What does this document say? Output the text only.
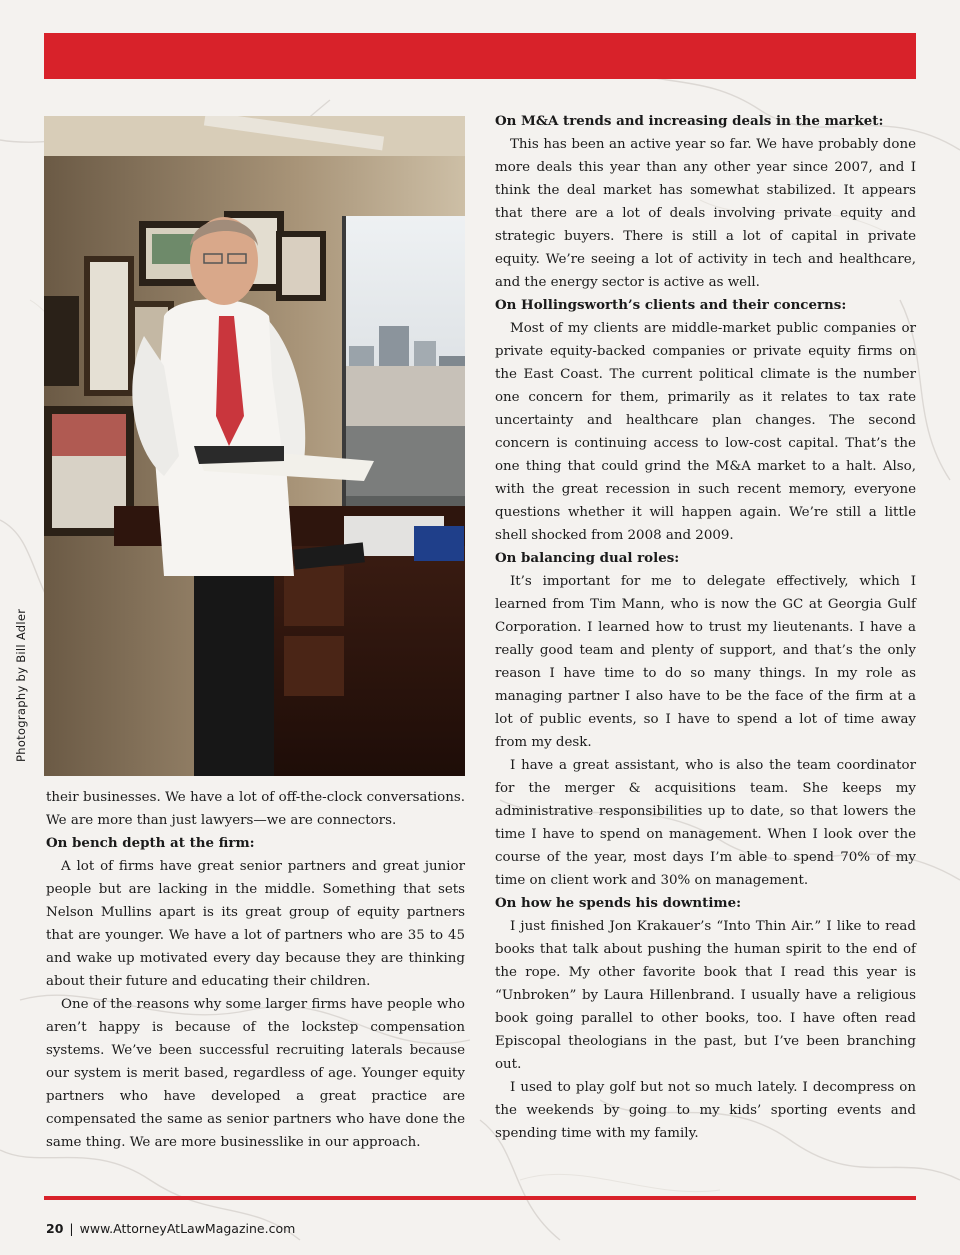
Photography by Bill Adler

their businesses. We have a lot of off-the-clock conversations. We are more than just lawyers—we are connectors.

On bench depth at the firm:

A lot of firms have great senior partners and great junior people but are lacking in the middle. Something that sets Nelson Mullins apart is its great group of equity partners that are younger. We have a lot of partners who are 35 to 45 and wake up motivated every day because they are thinking about their future and educating their children.

One of the reasons why some larger firms have people who aren’t happy is because of the lockstep compensation systems. We’ve been successful recruiting laterals because our system is merit based, regardless of age. Younger equity partners who have developed a great practice are compensated the same as senior partners who have done the same thing. We are more businesslike in our approach.

On M&A trends and increasing deals in the market:

This has been an active year so far. We have probably done more deals this year than any other year since 2007, and I think the deal market has somewhat stabilized. It appears that there are a lot of deals involving private equity and strategic buyers. There is still a lot of capital in private equity. We’re seeing a lot of activity in tech and healthcare, and the energy sector is active as well.

On Hollingsworth’s clients and their concerns:

Most of my clients are middle-market public companies or private equity-backed companies or private equity firms on the East Coast. The current political climate is the number one concern for them, primarily as it relates to tax rate uncertainty and healthcare plan changes. The second concern is continuing access to low-cost capital. That’s the one thing that could grind the M&A market to a halt. Also, with the great recession in such recent memory, everyone questions whether it will happen again. We’re still a little shell shocked from 2008 and 2009.

On balancing dual roles:

It’s important for me to delegate effectively, which I learned from Tim Mann, who is now the GC at Georgia Gulf Corporation. I learned how to trust my lieutenants. I have a really good team and plenty of support, and that’s the only reason I have time to do so many things. In my role as managing partner I also have to be the face of the firm at a lot of public events, so I have to spend a lot of time away from my desk.

I have a great assistant, who is also the team coordinator for the merger & acquisitions team. She keeps my administrative responsibilities up to date, so that lowers the time I have to spend on management. When I look over the course of the year, most days I’m able to spend 70% of my time on client work and 30% on management.

On how he spends his downtime:

I just finished Jon Krakauer’s “Into Thin Air.” I like to read books that talk about pushing the human spirit to the end of the rope. My other favorite book that I read this year is “Unbroken” by Laura Hillenbrand. I usually have a religious book going parallel to other books, too. I have often read Episcopal theologians in the past, but I’ve been branching out.

I used to play golf but not so much lately. I decompress on the weekends by going to my kids’ sporting events and spending time with my family.

20 | www.AttorneyAtLawMagazine.com
